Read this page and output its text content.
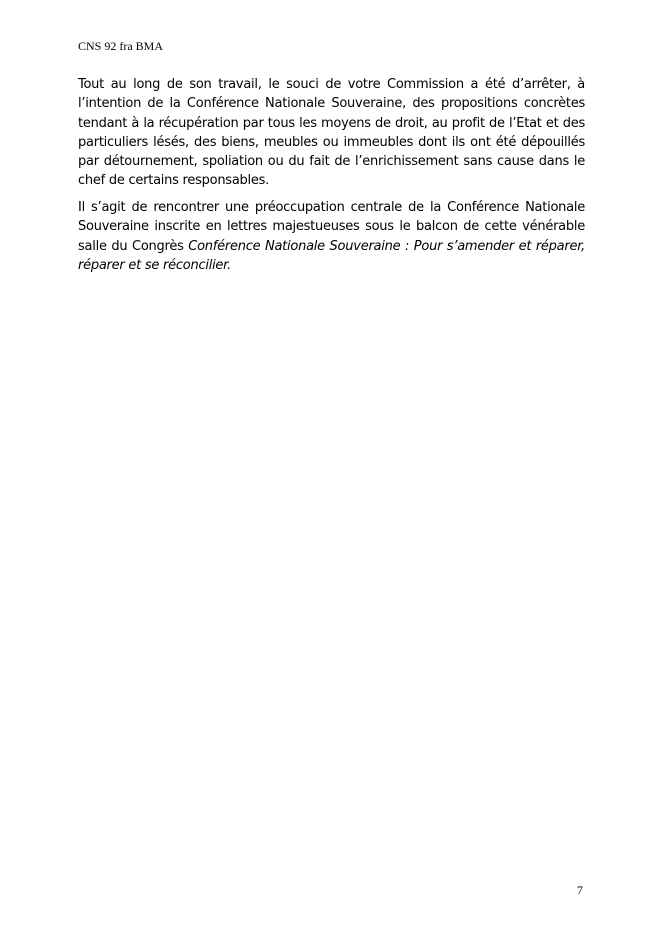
CNS 92 fra BMA

Tout au long de son travail, le souci de votre Commission a été d’arrêter, à l’intention de la Conférence Nationale Souveraine, des propositions concrètes tendant à la récupération par tous les moyens de droit, au profit de l’Etat et des particuliers lésés, des biens, meubles ou immeubles dont ils ont été dépouillés par détournement, spoliation ou du fait de l’enrichissement sans cause dans le chef de certains responsables.

Il s’agit de rencontrer une préoccupation centrale de la Conférence Nationale Souveraine inscrite en lettres majestueuses sous le balcon de cette vénérable salle du Congrès Conférence Nationale Souveraine : Pour s’amender et réparer, réparer et se réconcilier.

7
